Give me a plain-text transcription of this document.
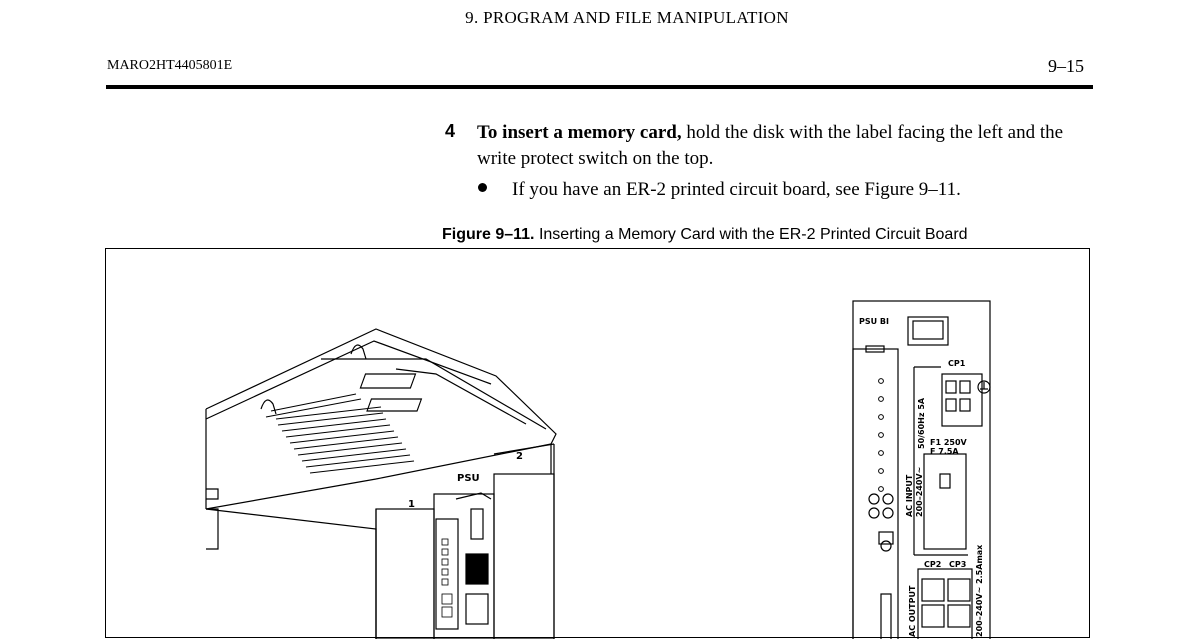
9. PROGRAM AND FILE MANIPULATION
MARO2HT4405801E	9–15
4 To insert a memory card, hold the disk with the label facing the left and the write protect switch on the top.
If you have an ER-2 printed circuit board, see Figure 9–11.
Figure 9–11. Inserting a Memory Card with the ER-2 Printed Circuit Board
PSU
1
2
PSU BI
CP1
50/60Hz 5A F1 250V
F 7.5A
AC INPUT 200–240V~
CP2 CP3
AC OUTPUT	200–240V~ 2.5Amax
